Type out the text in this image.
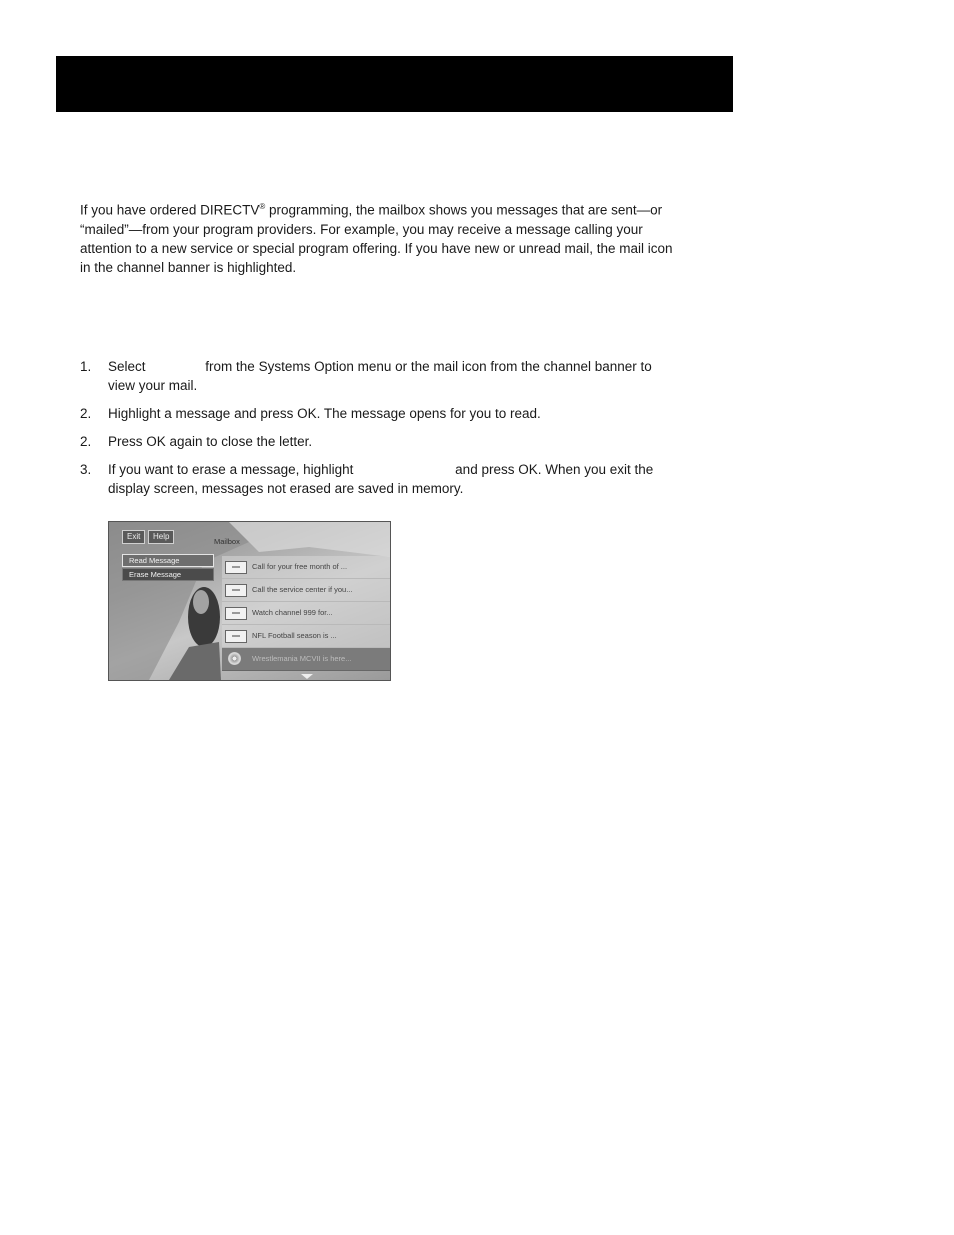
If you have ordered DIRECTV® programming, the mailbox shows you messages that are sent—or “mailed”—from your program providers. For example, you may receive a message calling your attention to a new service or special program offering. If you have new or unread mail, the mail icon in the channel banner is highlighted.

1. Select	from the Systems Option menu or the mail icon from the channel banner to view your mail.
2. Highlight a message and press OK. The message opens for you to read.
2. Press OK again to close the letter.
3. If you want to erase a message, highlight	and press OK. When you exit the display screen, messages not erased are saved in memory.
Exit	Help
Mailbox
Read Message
Erase Message
Call for your free month of ...
Call the service center if you...
Watch channel 999 for...
NFL Football season is ...
Wrestlemania MCVII is here...
